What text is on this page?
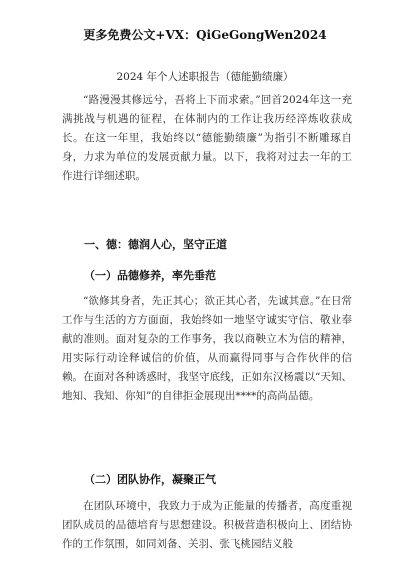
更多免费公文+VX：QiGeGongWen2024
2024 年个人述职报告（德能勤绩廉）

“路漫漫其修远兮，吾将上下而求索。”回首2024年这一充满挑战与机遇的征程，在体制内的工作让我历经淬炼收获成长。在这一年里，我始终以“德能勤绩廉”为指引不断雕琢自身，力求为单位的发展贡献力量。以下，我将对过去一年的工作进行详细述职。

一、德：德润人心，坚守正道
（一）品德修养，率先垂范

“欲修其身者，先正其心；欲正其心者，先诚其意。”在日常工作与生活的方方面面，我始终如一地坚守诚实守信、敬业奉献的准则。面对复杂的工作事务，我以商鞅立木为信的精神，用实际行动诠释诚信的价值，从而赢得同事与合作伙伴的信赖。在面对各种诱惑时，我坚守底线，正如东汉杨震以“天知、地知、我知、你知”的自律拒金展现出****的高尚品德。

（二）团队协作，凝聚正气

在团队环境中，我致力于成为正能量的传播者，高度重视团队成员的品德培育与思想建设。积极营造积极向上、团结协作的工作氛围，如同刘备、关羽、张飞桃园结义般
